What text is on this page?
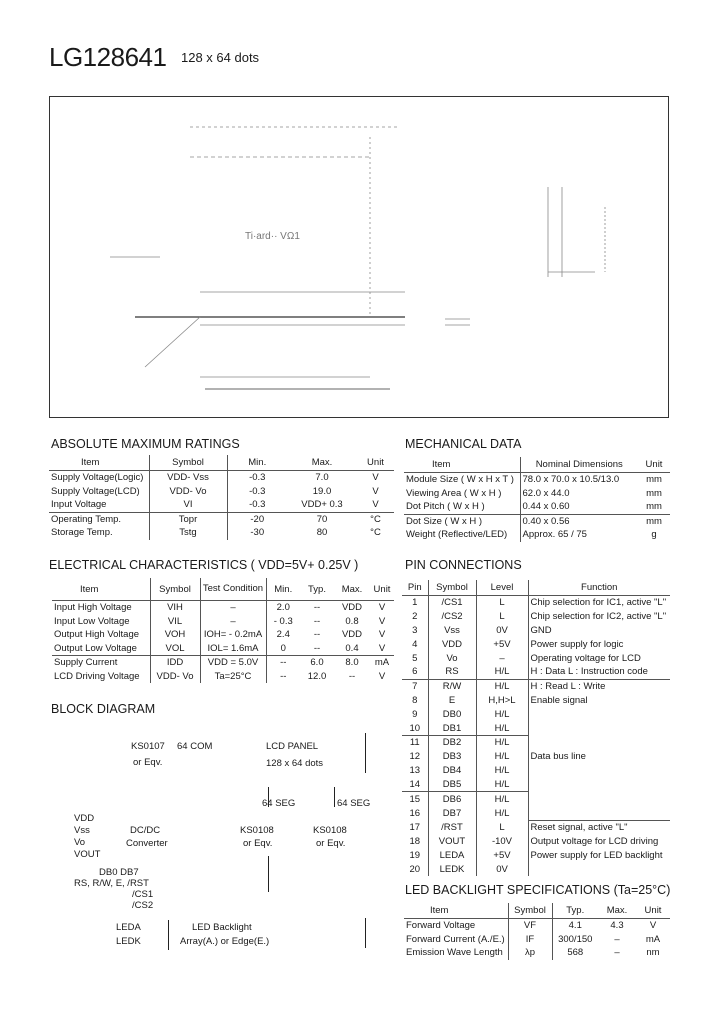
LG128641 128 x 64 dots
Ti·ard·· VΩ1
ABSOLUTE MAXIMUM RATINGS
Item	Symbol	Min.	Max.	Unit
Supply Voltage(Logic)	VDD- Vss	-0.3	7.0	V
Supply Voltage(LCD)	VDD- Vo	-0.3	19.0	V
Input Voltage	VI	-0.3	VDD+ 0.3	V
Operating Temp.	Topr	-20	70	°C
Storage Temp.	Tstg	-30	80	°C
MECHANICAL DATA
Item	Nominal Dimensions	Unit
Module Size ( W x H x T )	78.0 x 70.0 x 10.5/13.0	mm
Viewing Area ( W x H )	62.0 x 44.0	mm
Dot Pitch ( W x H )	0.44 x 0.60	mm
Dot Size ( W x H )	0.40 x 0.56	mm
Weight (Reflective/LED)	Approx. 65 / 75	g
ELECTRICAL CHARACTERISTICS ( VDD=5V+ 0.25V )
Item	Symbol	Test Condition	Min.	Typ.	Max.	Unit
Input High Voltage	VIH	–	2.0	--	VDD	V
Input Low Voltage	VIL	–	- 0.3	--	0.8	V
Output High Voltage	VOH	IOH= - 0.2mA	2.4	--	VDD	V
Output Low Voltage	VOL	IOL= 1.6mA	0	--	0.4	V
Supply Current	IDD	VDD = 5.0V	--	6.0	8.0	mA
LCD Driving Voltage	VDD- Vo	Ta=25°C	--	12.0	--	V
PIN CONNECTIONS
Pin	Symbol	Level	Function
1	/CS1	L	Chip selection for IC1, active "L"
2	/CS2	L	Chip selection for IC2, active "L"
3	Vss	0V	GND
4	VDD	+5V	Power supply for logic
5	Vo	–	Operating voltage for LCD
6	RS	H/L	H : Data L : Instruction code
7	R/W	H/L	H : Read L : Write
8	E	H,H>L	Enable signal
9	DB0	H/L	
10	DB1	H/L	
11	DB2	H/L	
12	DB3	H/L	Data bus line
13	DB4	H/L	
14	DB5	H/L	
15	DB6	H/L	
16	DB7	H/L	
17	/RST	L	Reset signal, active "L"
18	VOUT	-10V	Output voltage for LCD driving
19	LEDA	+5V	Power supply for LED backlight
20	LEDK	0V	
BLOCK DIAGRAM
KS0107 64 COM
or Eqv.
LCD PANEL
128 x 64 dots
64 SEG	64 SEG
VDD
Vss
Vo
VOUT
DC/DC
Converter
KS0108	KS0108
or Eqv.	or Eqv.
DB0 DB7
RS, R/W, E, /RST
/CS1
/CS2
LEDA
LEDK
LED Backlight
Array(A.) or Edge(E.)
LED BACKLIGHT SPECIFICATIONS (Ta=25°C)
Item	Symbol	Typ.	Max.	Unit
Forward Voltage	VF	4.1	4.3	V
Forward Current (A./E.)	IF	300/150	–	mA
Emission Wave Length	λp	568	–	nm
